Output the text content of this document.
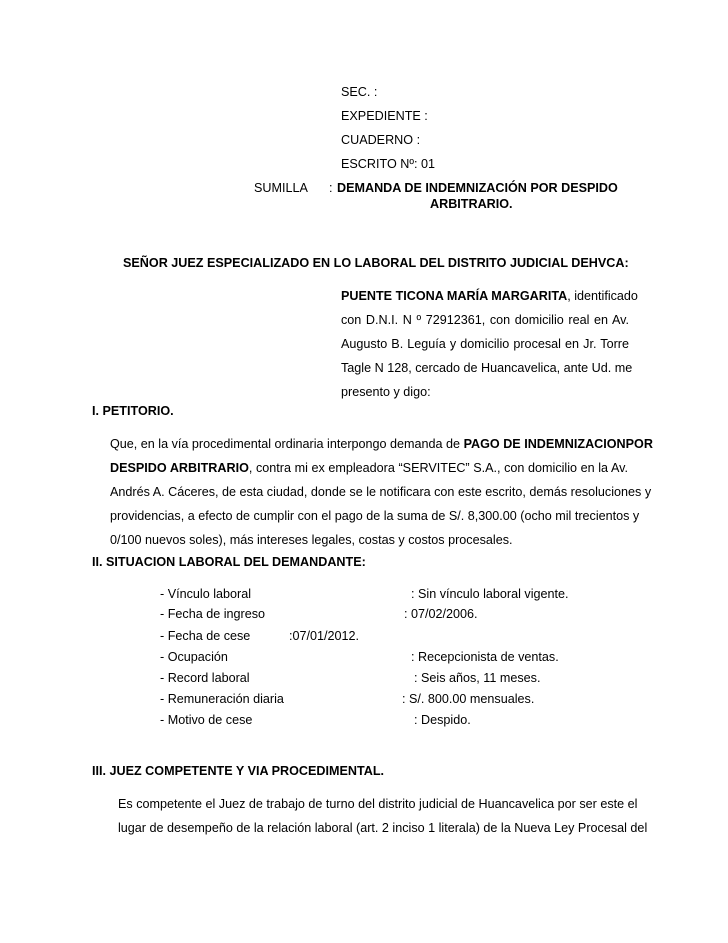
SEC. :
EXPEDIENTE :
CUADERNO :
ESCRITO Nº: 01
SUMILLA : DEMANDA DE INDEMNIZACIÓN POR DESPIDO
ARBITRARIO.
SEÑOR JUEZ ESPECIALIZADO EN LO LABORAL DEL DISTRITO JUDICIAL DEHVCA:
PUENTE TICONA MARÍA MARGARITA, identificado
con D.N.I. N º 72912361, con domicilio real en Av.
Augusto B. Leguía y domicilio procesal en Jr. Torre
Tagle N 128, cercado de Huancavelica, ante Ud. me
presento y digo:
I. PETITORIO.
Que, en la vía procedimental ordinaria interpongo demanda de PAGO DE INDEMNIZACIONPOR
DESPIDO ARBITRARIO, contra mi ex empleadora “SERVITEC” S.A., con domicilio en la Av.
Andrés A. Cáceres, de esta ciudad, donde se le notificara con este escrito, demás resoluciones y
providencias, a efecto de cumplir con el pago de la suma de S/. 8,300.00 (ocho mil trecientos y
0/100 nuevos soles), más intereses legales, costas y costos procesales.
II. SITUACION LABORAL DEL DEMANDANTE:
- Vínculo laboral	: Sin vínculo laboral vigente.
- Fecha de ingreso	: 07/02/2006.
- Fecha de cese	:07/01/2012.
- Ocupación	: Recepcionista de ventas.
- Record laboral	: Seis años, 11 meses.
- Remuneración diaria	: S/. 800.00 mensuales.
- Motivo de cese	: Despido.
III. JUEZ COMPETENTE Y VIA PROCEDIMENTAL.
Es competente el Juez de trabajo de turno del distrito judicial de Huancavelica por ser este el
lugar de desempeño de la relación laboral (art. 2 inciso 1 literala) de la Nueva Ley Procesal del
